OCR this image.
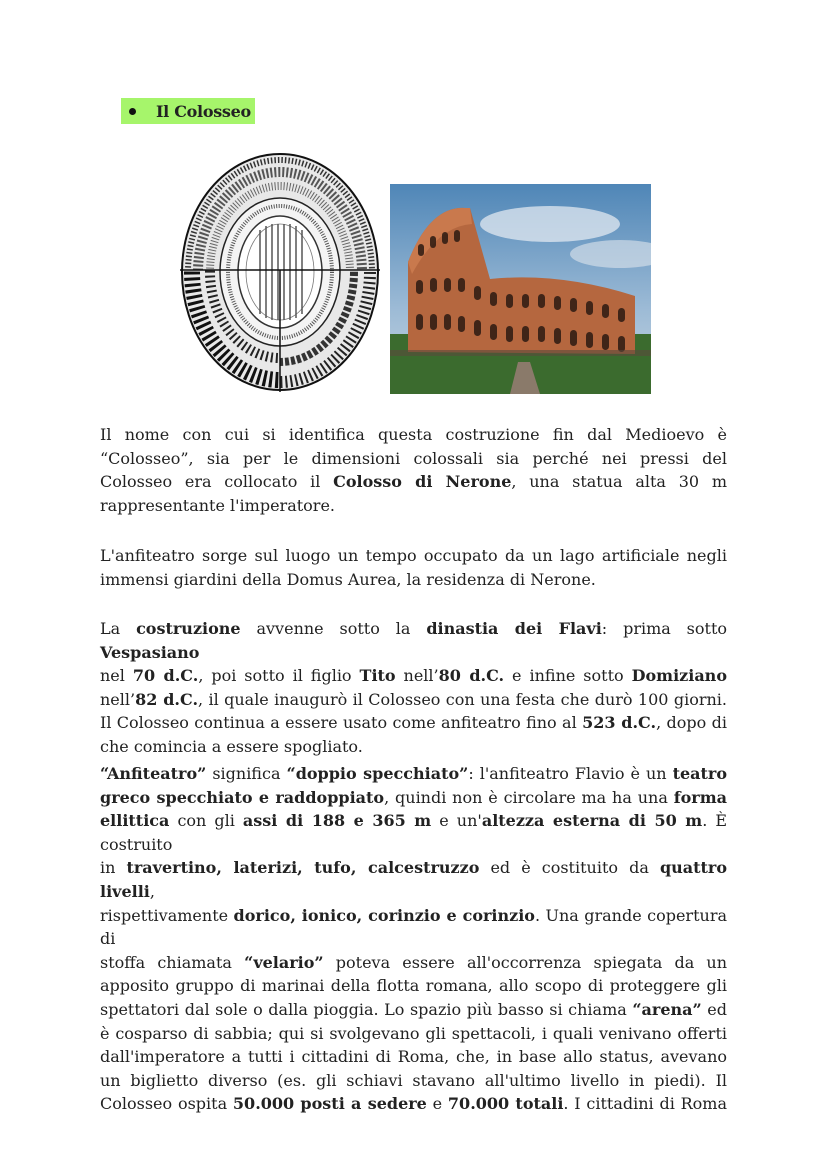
Il Colosseo
Il nome con cui si identifica questa costruzione fin dal Medioevo è
“Colosseo”, sia per le dimensioni colossali sia perché nei pressi del
Colosseo era collocato il Colosso di Nerone, una statua alta 30 m
rappresentante l'imperatore.
L'anfiteatro sorge sul luogo un tempo occupato da un lago artificiale negli
immensi giardini della Domus Aurea, la residenza di Nerone.
La costruzione avvenne sotto la dinastia dei Flavi: prima sotto Vespasiano
nel 70 d.C., poi sotto il figlio Tito nell’80 d.C. e infine sotto Domiziano
nell’82 d.C., il quale inaugurò il Colosseo con una festa che durò 100 giorni.
Il Colosseo continua a essere usato come anfiteatro fino al 523 d.C., dopo di
che comincia a essere spogliato.
“Anfiteatro” significa “doppio specchiato”: l'anfiteatro Flavio è un teatro
greco specchiato e raddoppiato, quindi non è circolare ma ha una forma
ellittica con gli assi di 188 e 365 m e un'altezza esterna di 50 m. È costruito
in travertino, laterizi, tufo, calcestruzzo ed è costituito da quattro livelli,
rispettivamente dorico, ionico, corinzio e corinzio. Una grande copertura di
stoffa chiamata “velario” poteva essere all'occorrenza spiegata da un
apposito gruppo di marinai della flotta romana, allo scopo di proteggere gli
spettatori dal sole o dalla pioggia. Lo spazio più basso si chiama “arena” ed
è cosparso di sabbia; qui si svolgevano gli spettacoli, i quali venivano offerti
dall'imperatore a tutti i cittadini di Roma, che, in base allo status, avevano
un biglietto diverso (es. gli schiavi stavano all'ultimo livello in piedi). Il
Colosseo ospita 50.000 posti a sedere e 70.000 totali. I cittadini di Roma
